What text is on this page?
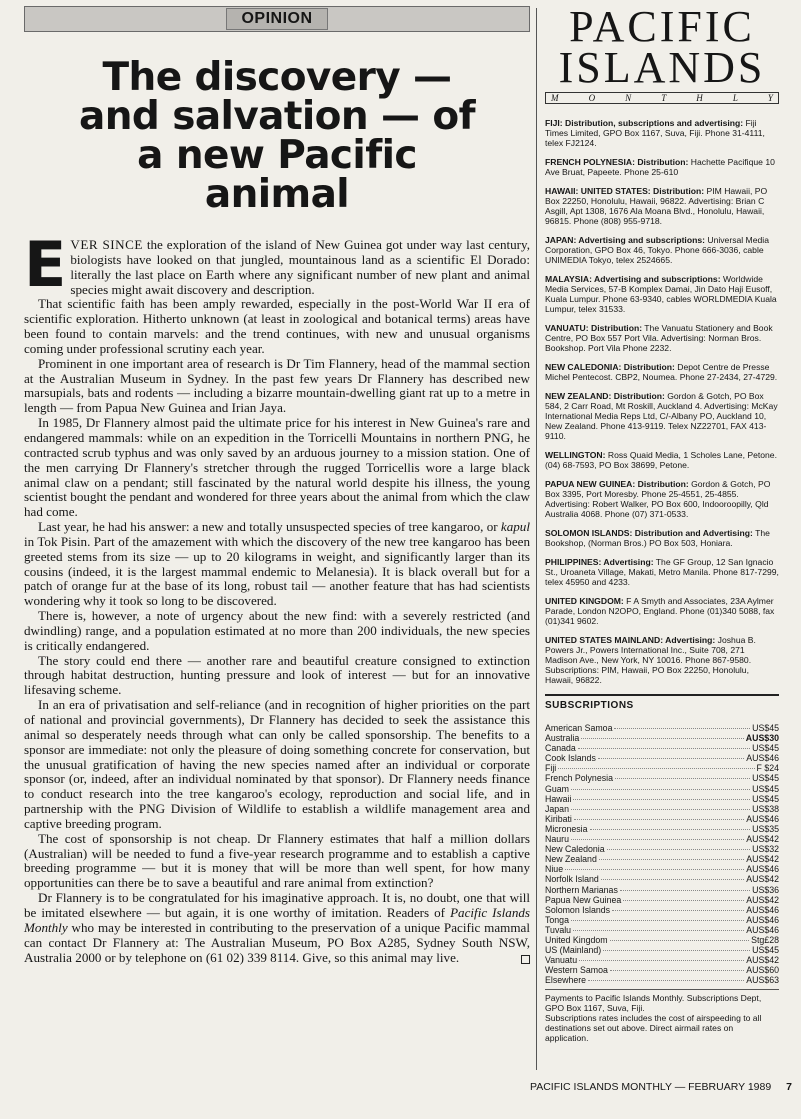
OPINION
The discovery —
and salvation — of
a new Pacific
animal

EVER SINCE the exploration of the island of New Guinea got under way last century, biologists have looked on that jungled, mountainous land as a scientific El Dorado: literally the last place on Earth where any significant number of new plant and animal species might await discovery and description.

That scientific faith has been amply rewarded, especially in the post-World War II era of scientific exploration. Hitherto unknown (at least in zoological and botanical terms) areas have been found to contain marvels: and the trend continues, with new and unusual organisms coming under professional scrutiny each year.

Prominent in one important area of research is Dr Tim Flannery, head of the mammal section at the Australian Museum in Sydney. In the past few years Dr Flannery has described new marsupials, bats and rodents — including a bizarre mountain-dwelling giant rat up to a metre in length — from Papua New Guinea and Irian Jaya.

In 1985, Dr Flannery almost paid the ultimate price for his interest in New Guinea's rare and endangered mammals: while on an expedition in the Torricelli Mountains in northern PNG, he contracted scrub typhus and was only saved by an arduous journey to a mission station. One of the men carrying Dr Flannery's stretcher through the rugged Torricellis wore a large black animal claw on a pendant; still fascinated by the natural world despite his illness, the young scientist bought the pendant and wondered for three years about the animal from which the claw had come.

Last year, he had his answer: a new and totally unsuspected species of tree kangaroo, or kapul in Tok Pisin. Part of the amazement with which the discovery of the new tree kangaroo has been greeted stems from its size — up to 20 kilograms in weight, and significantly larger than its cousins (indeed, it is the largest mammal endemic to Melanesia). It is black overall but for a patch of orange fur at the base of its long, robust tail — another feature that has had scientists wondering why it took so long to be discovered.

There is, however, a note of urgency about the new find: with a severely restricted (and dwindling) range, and a population estimated at no more than 200 individuals, the new species is critically endangered.

The story could end there — another rare and beautiful creature consigned to extinction through habitat destruction, hunting pressure and look of interest — but for an innovative lifesaving scheme.

In an era of privatisation and self-reliance (and in recognition of higher priorities on the part of national and provincial governments), Dr Flannery has decided to seek the assistance this animal so desperately needs through what can only be called sponsorship. The benefits to a sponsor are immediate: not only the pleasure of doing something concrete for conservation, but the unusual gratification of having the new species named after an individual or corporate sponsor (or, indeed, after an individual nominated by that sponsor). Dr Flannery needs finance to conduct research into the tree kangaroo's ecology, reproduction and social life, and in partnership with the PNG Division of Wildlife to establish a wildlife management area and captive breeding program.

The cost of sponsorship is not cheap. Dr Flannery estimates that half a million dollars (Australian) will be needed to fund a five-year research programme and to establish a captive breeding programme — but it is money that will be more than well spent, for how many opportunities can there be to save a beautiful and rare animal from extinction?

Dr Flannery is to be congratulated for his imaginative approach. It is, no doubt, one that will be imitated elsewhere — but again, it is one worthy of imitation. Readers of Pacific Islands Monthly who may be interested in contributing to the preservation of a unique Pacific mammal can contact Dr Flannery at: The Australian Museum, PO Box A285, Sydney South NSW, Australia 2000 or by telephone on (61 02) 339 8114. Give, so this animal may live.

PACIFIC
ISLANDS
M	O	N	T	H	L	Y
FIJI: Distribution, subscriptions and advertising: Fiji Times Limited, GPO Box 1167, Suva, Fiji. Phone 31-4111, telex FJ2124.
FRENCH POLYNESIA: Distribution: Hachette Pacifique 10 Ave Bruat, Papeete. Phone 25-610
HAWAII: UNITED STATES: Distribution: PIM Hawaii, PO Box 22250, Honolulu, Hawaii, 96822. Advertising: Brian C Asgill, Apt 1308, 1676 Ala Moana Blvd., Honolulu, Hawaii, 96815. Phone (808) 955-9718.
JAPAN: Advertising and subscriptions: Universal Media Corporation, GPO Box 46, Tokyo. Phone 666-3036, cable UNIMEDIA Tokyo, telex 2524665.
MALAYSIA: Advertising and subscriptions: Worldwide Media Services, 57-B Komplex Damai, Jin Dato Haji Eusoff, Kuala Lumpur. Phone 63-9340, cables WORLDMEDIA Kuala Lumpur, telex 31533.
VANUATU: Distribution: The Vanuatu Stationery and Book Centre, PO Box 557 Port Vila. Advertising: Norman Bros. Bookshop. Port Vila Phone 2232.
NEW CALEDONIA: Distribution: Depot Centre de Presse Michel Pentecost. CBP2, Noumea. Phone 27-2434, 27-4729.
NEW ZEALAND: Distribution: Gordon & Gotch, PO Box 584, 2 Carr Road, Mt Roskill, Auckland 4. Advertising: McKay International Media Reps Ltd, C/-Albany PO, Auckland 10, New Zealand. Phone 413-9119. Telex NZ22701, FAX 413-9110.
WELLINGTON: Ross Quaid Media, 1 Scholes Lane, Petone. (04) 68-7593, PO Box 38699, Petone.
PAPUA NEW GUINEA: Distribution: Gordon & Gotch, PO Box 3395, Port Moresby. Phone 25-4551, 25-4855. Advertising: Robert Walker, PO Box 600, Indooroopilly, Qld Australia 4068. Phone (07) 371-0533.
SOLOMON ISLANDS: Distribution and Advertising: The Bookshop, (Norman Bros.) PO Box 503, Honiara.
PHILIPPINES: Advertising: The GF Group, 12 San Ignacio St., Uroaneta Village, Makati, Metro Manila. Phone 817-7299, telex 45950 and 4233.
UNITED KINGDOM: F A Smyth and Associates, 23A Aylmer Parade, London N2OPO, England. Phone (01)340 5088, fax (01)341 9602.
UNITED STATES MAINLAND: Advertising: Joshua B. Powers Jr., Powers International Inc., Suite 708, 271 Madison Ave., New York, NY 10016. Phone 867-9580. Subscriptions: PIM, Hawaii, PO Box 22250, Honolulu, Hawaii, 96822.
SUBSCRIPTIONS
American Samoa	US$45
Australia	AUS$30
Canada	US$45
Cook Islands	AUS$46
Fiji	F $24
French Polynesia	US$45
Guam	US$45
Hawaii	US$45
Japan	US$38
Kiribati	AUS$46
Micronesia	US$35
Nauru	AUS$42
New Caledonia	US$32
New Zealand	AUS$42
Niue	AUS$46
Norfolk Island	AUS$42
Northern Marianas	US$36
Papua New Guinea	AUS$42
Solomon Islands	AUS$46
Tonga	AUS$46
Tuvalu	AUS$46
United Kingdom	Stg£28
US (Mainland)	US$45
Vanuatu	AUS$42
Western Samoa	AUS$60
Elsewhere	AUS$63
Payments to Pacific Islands Monthly. Subscriptions Dept, GPO Box 1167, Suva, Fiji.
Subscriptions rates includes the cost of airspeeding to all destinations set out above. Direct airmail rates on application.
PACIFIC ISLANDS MONTHLY — FEBRUARY 1989 7
